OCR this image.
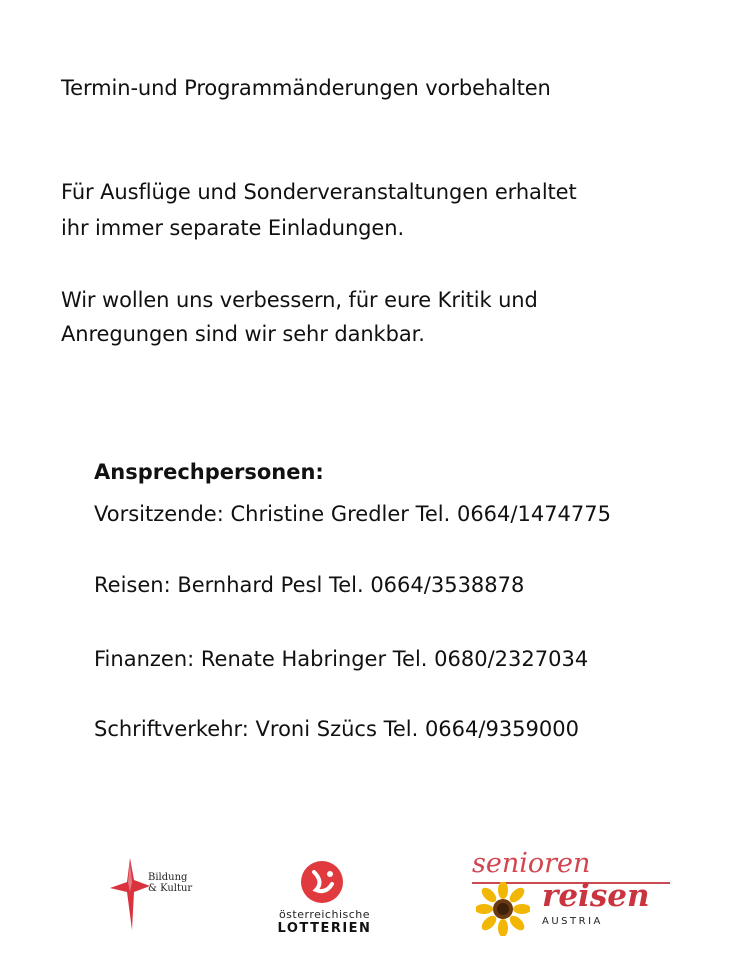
Termin-und Programmänderungen vorbehalten
Für Ausflüge und Sonderveranstaltungen erhaltet
ihr immer separate Einladungen.
Wir wollen uns verbessern, für eure Kritik und
Anregungen sind wir sehr dankbar.
Ansprechpersonen:
Vorsitzende: Christine Gredler Tel. 0664/1474775
Reisen: Bernhard Pesl Tel. 0664/3538878
Finanzen: Renate Habringer Tel. 0680/2327034
Schriftverkehr: Vroni Szücs Tel. 0664/9359000
Bildung
& Kultur
österreichische
LOTTERIEN
senioren
reisen
AUSTRIA
